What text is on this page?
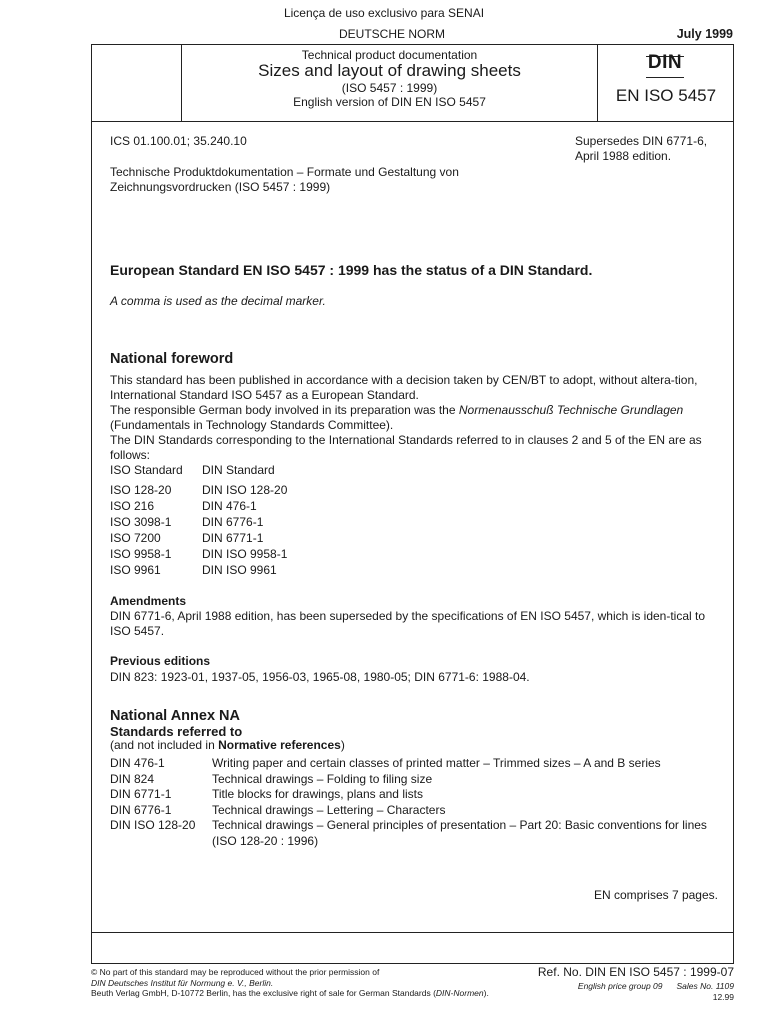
Licença de uso exclusivo para SENAI
DEUTSCHE NORM	July 1999
Technical product documentation
Sizes and layout of drawing sheets
(ISO 5457 : 1999)
English version of DIN EN ISO 5457
DIN
EN ISO 5457
ICS 01.100.01; 35.240.10	Supersedes DIN 6771-6,
April 1988 edition.
Technische Produktdokumentation – Formate und Gestaltung von
Zeichnungsvordrucken (ISO 5457 : 1999)
European Standard EN ISO 5457 : 1999 has the status of a DIN Standard.
A comma is used as the decimal marker.
National foreword

This standard has been published in accordance with a decision taken by CEN/BT to adopt, without altera-tion, International Standard ISO 5457 as a European Standard.

The responsible German body involved in its preparation was the Normenausschuß Technische Grundlagen (Fundamentals in Technology Standards Committee).

The DIN Standards corresponding to the International Standards referred to in clauses 2 and 5 of the EN are as follows:

ISO Standard	DIN Standard
ISO 128-20	DIN ISO 128-20
ISO 216	DIN 476-1
ISO 3098-1	DIN 6776-1
ISO 7200	DIN 6771-1
ISO 9958-1	DIN ISO 9958-1
ISO 9961	DIN ISO 9961
Amendments
DIN 6771-6, April 1988 edition, has been superseded by the specifications of EN ISO 5457, which is iden-tical to ISO 5457.
Previous editions
DIN 823: 1923-01, 1937-05, 1956-03, 1965-08, 1980-05; DIN 6771-6: 1988-04.
National Annex NA
Standards referred to
(and not included in Normative references)
DIN 476-1	Writing paper and certain classes of printed matter – Trimmed sizes – A and B series
DIN 824	Technical drawings – Folding to filing size
DIN 6771-1	Title blocks for drawings, plans and lists
DIN 6776-1	Technical drawings – Lettering – Characters
DIN ISO 128-20	Technical drawings – General principles of presentation – Part 20: Basic conventions for lines (ISO 128-20 : 1996)
EN comprises 7 pages.
© No part of this standard may be reproduced without the prior permission of
DIN Deutsches Institut für Normung e. V., Berlin.
Beuth Verlag GmbH, D-10772 Berlin, has the exclusive right of sale for German Standards (DIN-Normen).
Ref. No. DIN EN ISO 5457 : 1999-07
English price group 09 Sales No. 1109
12.99
